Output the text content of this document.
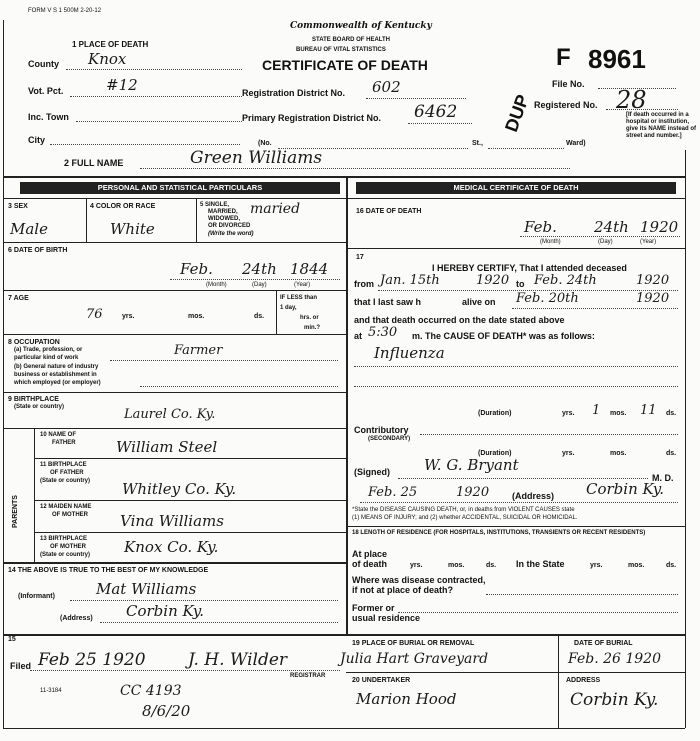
FORM V S 1 500M 2-20-12
1 PLACE OF DEATH
Commonwealth of Kentucky
STATE BOARD OF HEALTH
BUREAU OF VITAL STATISTICS
CERTIFICATE OF DEATH	F 8961
File No.
Registered No. 28
County Knox
Vot. Pct.	#12
Inc. Town
City
Registration District No. 602
Primary Registration District No. 6462
(No.	St.,	Ward)
[If death occurred in a
hospital or institution,
give its NAME instead of
street and number.]
2 FULL NAME	Green Williams
DUP
PERSONAL AND STATISTICAL PARTICULARS	MEDICAL CERTIFICATE OF DEATH
3 SEX
Male
4 COLOR OR RACE
White
5 SINGLE,
MARRIED,
WIDOWED,
OR DIVORCED
(Write the word)
maried
6 DATE OF BIRTH
Feb. 24th 1844
(Month)	(Day)	(Year)
7 AGE
76	yrs.	mos.	ds.
IF LESS than
1 day,
hrs. or
min.?
8 OCCUPATION
(a) Trade, profession, or
particular kind of work	Farmer
(b) General nature of industry
business or establishment in
which employed (or employer)
9 BIRTHPLACE
(State or country)	Laurel Co. Ky.
PARENTS
10 NAME OF
FATHER	William Steel
11 BIRTHPLACE
OF FATHER
(State or country) Whitley Co. Ky.
12 MAIDEN NAME
OF MOTHER Vina Williams
13 BIRTHPLACE
OF MOTHER
(State or country) Knox Co. Ky.
14 THE ABOVE IS TRUE TO THE BEST OF MY KNOWLEDGE
(Informant)	Mat Williams
(Address) Corbin Ky.
15
Filed Feb 25 1920 J. H. Wilder
REGISTRAR
11-3184	CC 4193
8/6/20
16 DATE OF DEATH
Feb. 24th 1920
(Month)	(Day)	(Year)
17
I HEREBY CERTIFY, That I attended deceased
from Jan. 15th	1920 to Feb. 24th	1920
that I last saw h	alive on Feb. 20th	1920
and that death occurred on the date stated above
at 5:30 m. The CAUSE OF DEATH* was as follows:
Influenza
(Duration)	yrs. 1 mos. 11 ds.
Contributory
(SECONDARY)
(Duration)	yrs.	mos.	ds.
(Signed) W. G. Bryant
M. D.
Feb. 25	1920	(Address) Corbin Ky.
*State the DISEASE CAUSING DEATH, or, in deaths from VIOLENT CAUSES state
(1) MEANS OF INJURY; and (2) whether ACCIDENTAL, SUICIDAL OR HOMICIDAL.
18 LENGTH OF RESIDENCE (FOR HOSPITALS, INSTITUTIONS, TRANSIENTS OR RECENT RESIDENTS)
At place
of death	yrs.	mos.	ds. In the State	yrs.	mos.	ds.
Where was disease contracted,
if not at place of death?
Former or
usual residence
19 PLACE OF BURIAL OR REMOVAL
Julia Hart Graveyard
DATE OF BURIAL
Feb. 26 1920
20 UNDERTAKER
Marion Hood
ADDRESS
Corbin Ky.
